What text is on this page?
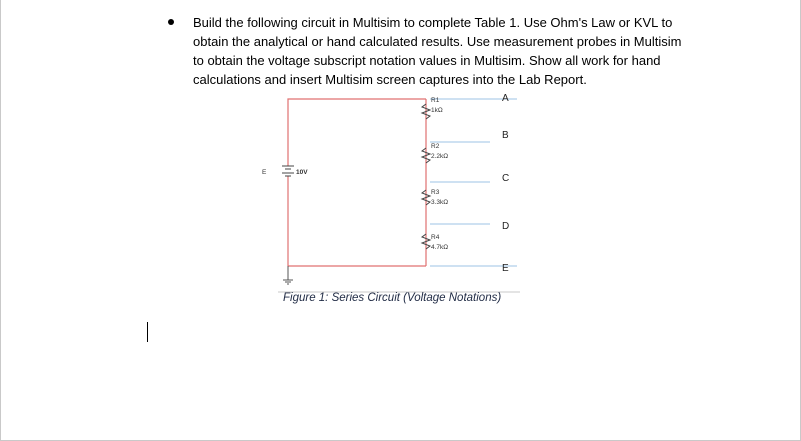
Build the following circuit in Multisim to complete Table 1. Use Ohm's Law or KVL to
obtain the analytical or hand calculated results. Use measurement probes in Multisim
to obtain the voltage subscript notation values in Multisim. Show all work for hand
calculations and insert Multisim screen captures into the Lab Report.
E	10V
R1
1kΩ
R2
2.2kΩ
R3
3.3kΩ
R4
4.7kΩ
A
B
C
D
E
Figure 1: Series Circuit (Voltage Notations)
